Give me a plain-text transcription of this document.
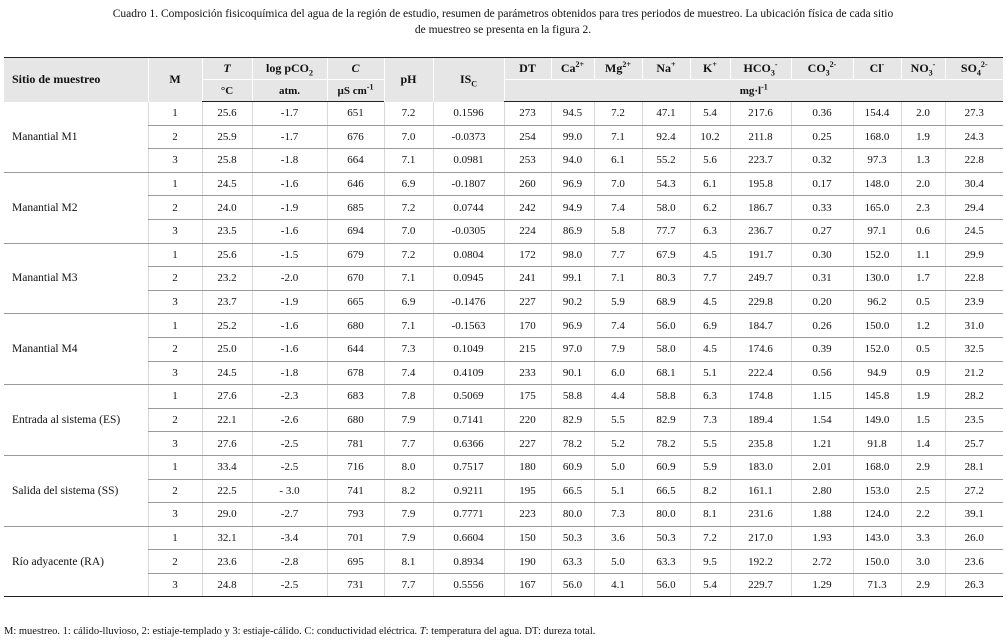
Cuadro 1. Composición fisicoquímica del agua de la región de estudio, resumen de parámetros obtenidos para tres periodos de muestreo. La ubicación física de cada sitio
de muestreo se presenta en la figura 2.
Sitio de muestreo	M	T	log pCO$_2$	C	pH	$IS_C$	DT	$Ca^{2+}$	$Mg^{2+}$	Na+	K+	$HCO_3^-$	$CO_3^{2-}$	Cl-	$NO_3^-$	$SO_4^{2-}$
		°C	atm.	µS $cm^{-1}$			$mg\cdot l^{-1}$
	1	25.6	-1.7	651	7.2	0.1596	273	94.5	7.2	47.1	5.4	217.6	0.36	154.4	2.0	27.3
Manantial M1	2	25.9	-1.7	676	7.0	-0.0373	254	99.0	7.1	92.4	10.2	211.8	0.25	168.0	1.9	24.3
	3	25.8	-1.8	664	7.1	0.0981	253	94.0	6.1	55.2	5.6	223.7	0.32	97.3	1.3	22.8
	1	24.5	-1.6	646	6.9	-0.1807	260	96.9	7.0	54.3	6.1	195.8	0.17	148.0	2.0	30.4
Manantial M2	2	24.0	-1.9	685	7.2	0.0744	242	94.9	7.4	58.0	6.2	186.7	0.33	165.0	2.3	29.4
	3	23.5	-1.6	694	7.0	-0.0305	224	86.9	5.8	77.7	6.3	236.7	0.27	97.1	0.6	24.5
	1	25.6	-1.5	679	7.2	0.0804	172	98.0	7.7	67.9	4.5	191.7	0.30	152.0	1.1	29.9
Manantial M3	2	23.2	-2.0	670	7.1	0.0945	241	99.1	7.1	80.3	7.7	249.7	0.31	130.0	1.7	22.8
	3	23.7	-1.9	665	6.9	-0.1476	227	90.2	5.9	68.9	4.5	229.8	0.20	96.2	0.5	23.9
	1	25.2	-1.6	680	7.1	-0.1563	170	96.9	7.4	56.0	6.9	184.7	0.26	150.0	1.2	31.0
Manantial M4	2	25.0	-1.6	644	7.3	0.1049	215	97.0	7.9	58.0	4.5	174.6	0.39	152.0	0.5	32.5
	3	24.5	-1.8	678	7.4	0.4109	233	90.1	6.0	68.1	5.1	222.4	0.56	94.9	0.9	21.2
	1	27.6	-2.3	683	7.8	0.5069	175	58.8	4.4	58.8	6.3	174.8	1.15	145.8	1.9	28.2
Entrada al sistema (ES)	2	22.1	-2.6	680	7.9	0.7141	220	82.9	5.5	82.9	7.3	189.4	1.54	149.0	1.5	23.5
	3	27.6	-2.5	781	7.7	0.6366	227	78.2	5.2	78.2	5.5	235.8	1.21	91.8	1.4	25.7
	1	33.4	-2.5	716	8.0	0.7517	180	60.9	5.0	60.9	5.9	183.0	2.01	168.0	2.9	28.1
Salida del sistema (SS)	2	22.5	- 3.0	741	8.2	0.9211	195	66.5	5.1	66.5	8.2	161.1	2.80	153.0	2.5	27.2
	3	29.0	-2.7	793	7.9	0.7771	223	80.0	7.3	80.0	8.1	231.6	1.88	124.0	2.2	39.1
	1	32.1	-3.4	701	7.9	0.6604	150	50.3	3.6	50.3	7.2	217.0	1.93	143.0	3.3	26.0
Río adyacente (RA)	2	23.6	-2.8	695	8.1	0.8934	190	63.3	5.0	63.3	9.5	192.2	2.72	150.0	3.0	23.6
	3	24.8	-2.5	731	7.7	0.5556	167	56.0	4.1	56.0	5.4	229.7	1.29	71.3	2.9	26.3
M: muestreo. 1: cálido-lluvioso, 2: estiaje-templado y 3: estiaje-cálido. C: conductividad eléctrica. T: temperatura del agua. DT: dureza total.
